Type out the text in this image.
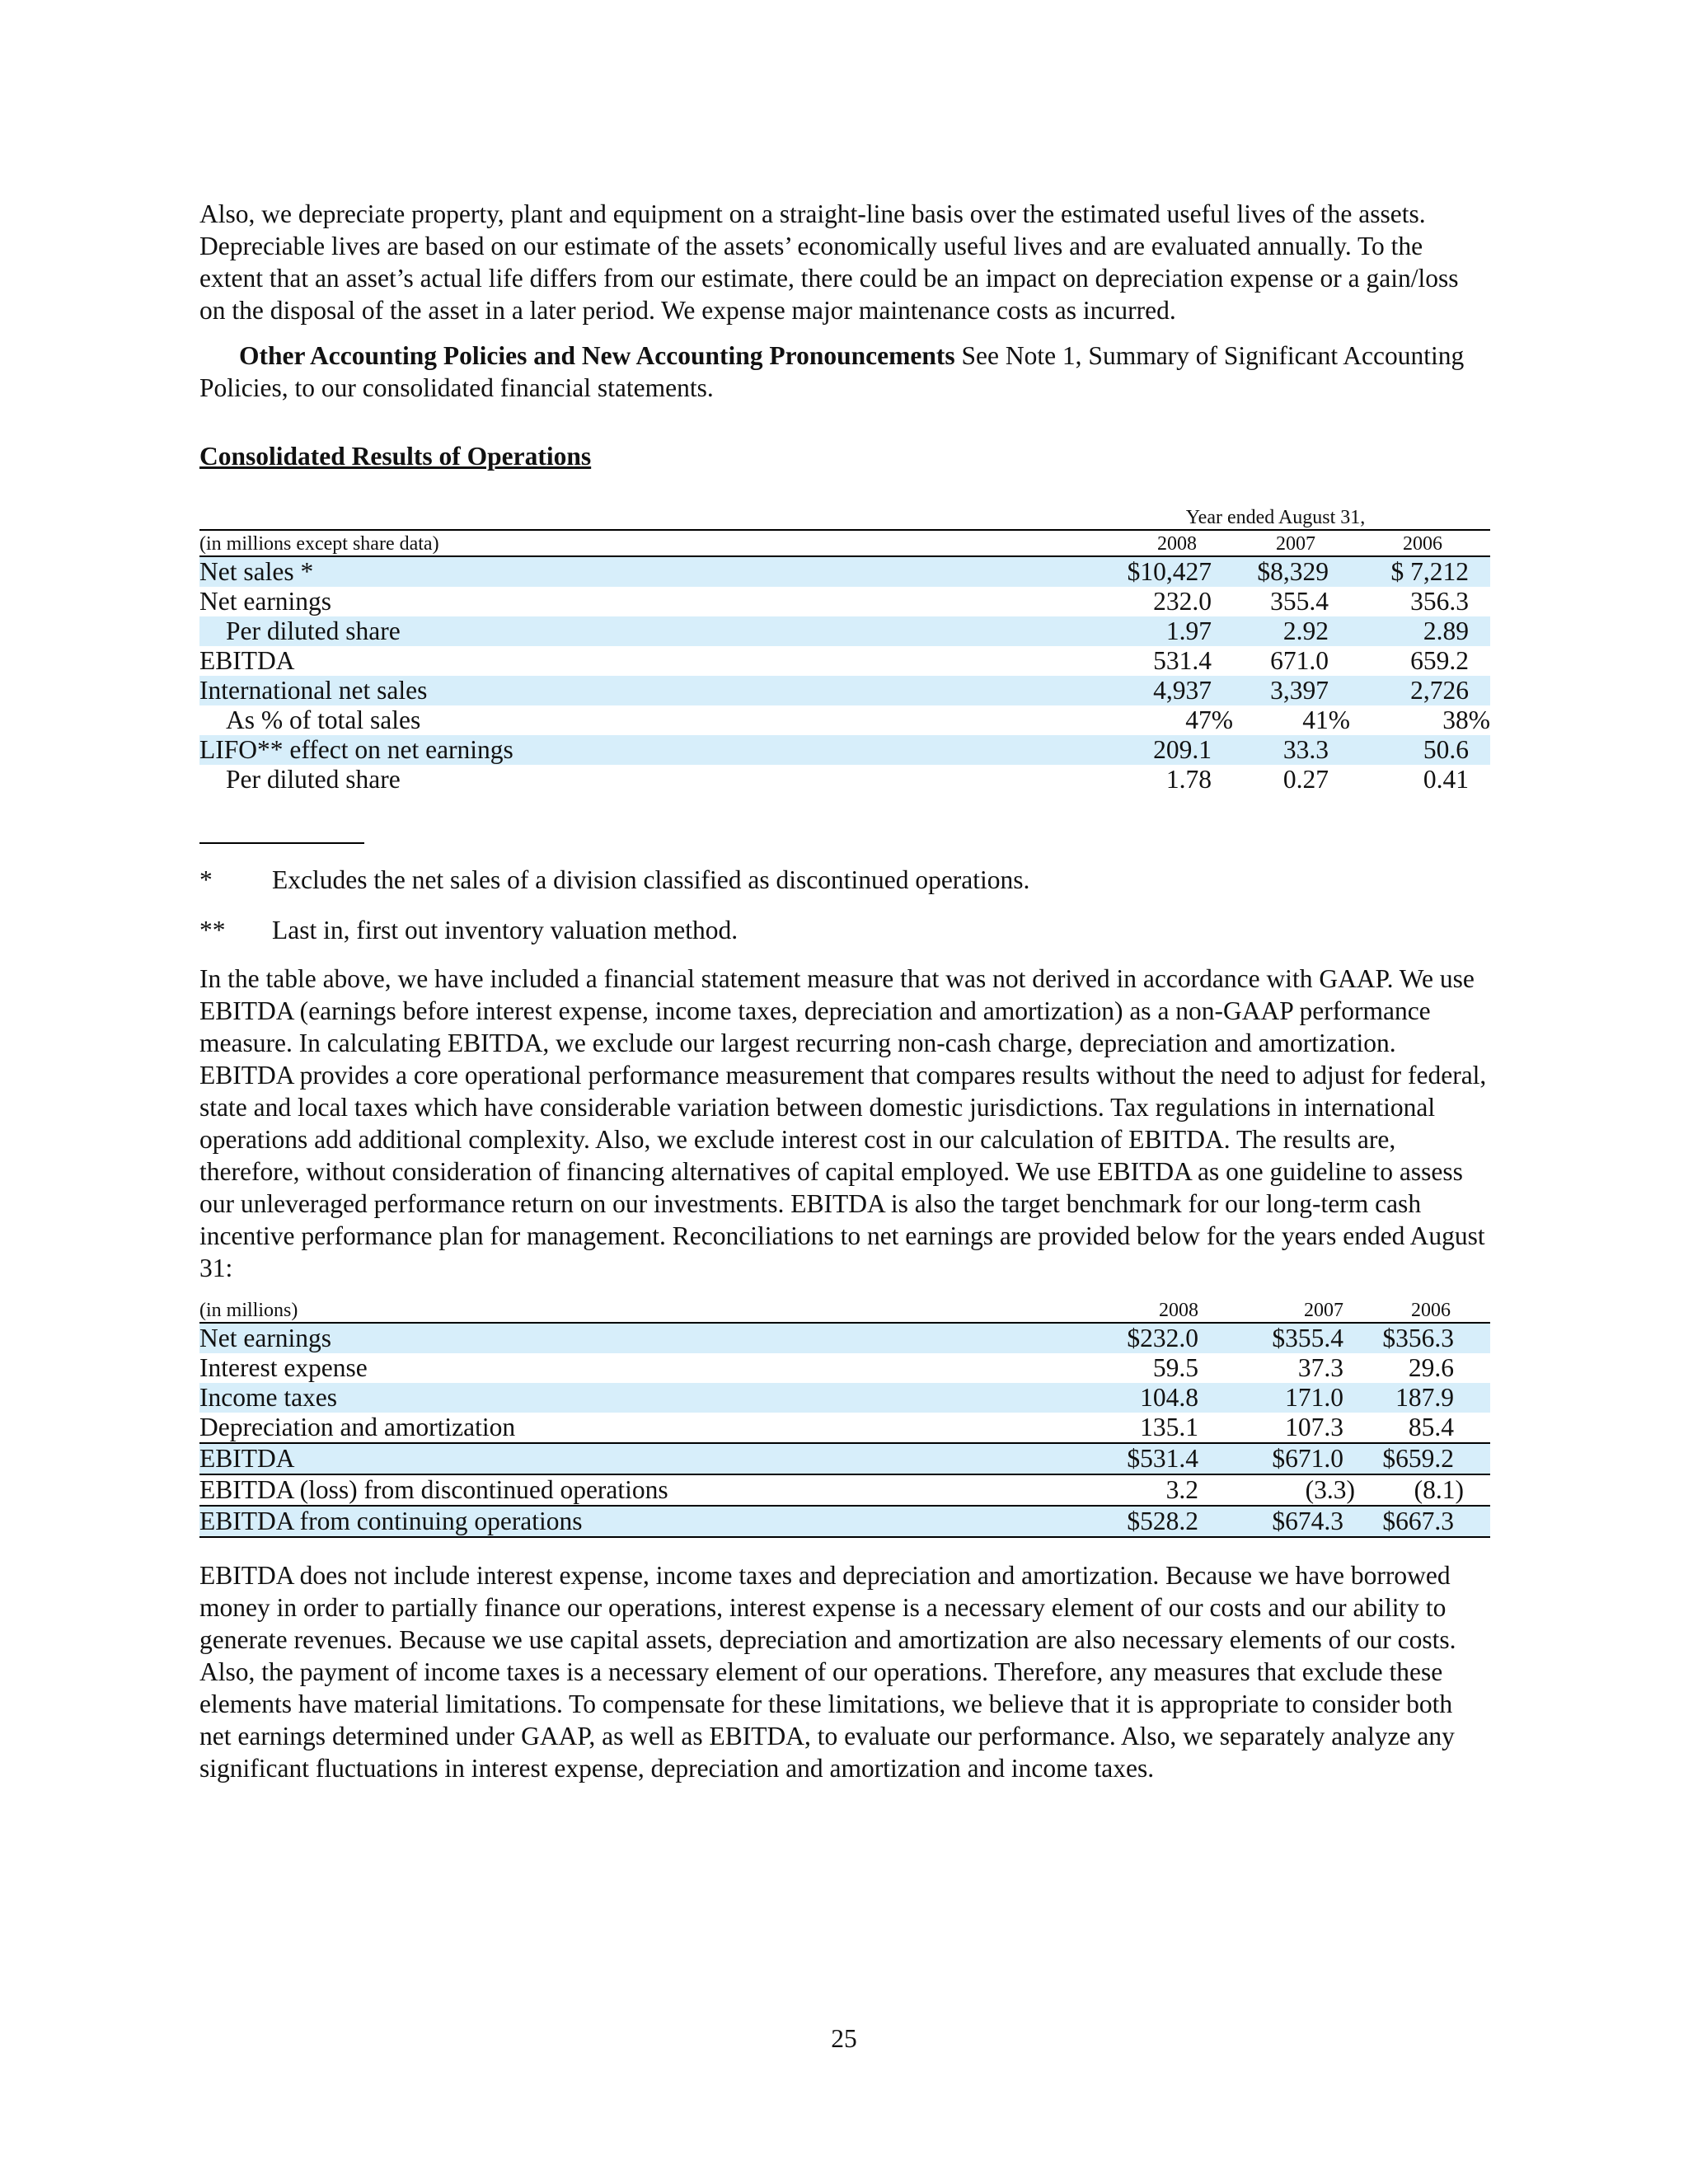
Also, we depreciate property, plant and equipment on a straight-line basis over the estimated useful lives of the assets. Depreciable lives are based on our estimate of the assets’ economically useful lives and are evaluated annually. To the extent that an asset’s actual life differs from our estimate, there could be an impact on depreciation expense or a gain/loss on the disposal of the asset in a later period. We expense major maintenance costs as incurred.

Other Accounting Policies and New Accounting Pronouncements See Note 1, Summary of Significant Accounting Policies, to our consolidated financial statements.

Consolidated Results of Operations

	Year ended August 31,		
(in millions except share data)	2008	2007	2006
Net sales *	$10,427	$8,329	$ 7,212
Net earnings	232.0	355.4	356.3
Per diluted share	1.97	2.92	2.89
EBITDA	531.4	671.0	659.2
International net sales	4,937	3,397	2,726
As % of total sales	47%	41%	38%
LIFO** effect on net earnings	209.1	33.3	50.6
Per diluted share	1.78	0.27	0.41
* Excludes the net sales of a division classified as discontinued operations.
** Last in, first out inventory valuation method.

In the table above, we have included a financial statement measure that was not derived in accordance with GAAP. We use EBITDA (earnings before interest expense, income taxes, depreciation and amortization) as a non-GAAP performance measure. In calculating EBITDA, we exclude our largest recurring non-cash charge, depreciation and amortization. EBITDA provides a core operational performance measurement that compares results without the need to adjust for federal, state and local taxes which have considerable variation between domestic jurisdictions. Tax regulations in international operations add additional complexity. Also, we exclude interest cost in our calculation of EBITDA. The results are, therefore, without consideration of financing alternatives of capital employed. We use EBITDA as one guideline to assess our unleveraged performance return on our investments. EBITDA is also the target benchmark for our long-term cash incentive performance plan for management. Reconciliations to net earnings are provided below for the years ended August 31:

(in millions)	2008	2007	2006
Net earnings	$232.0	$355.4	$356.3
Interest expense	59.5	37.3	29.6
Income taxes	104.8	171.0	187.9
Depreciation and amortization	135.1	107.3	85.4
EBITDA	$531.4	$671.0	$659.2
EBITDA (loss) from discontinued operations	3.2	(3.3)	(8.1)
EBITDA from continuing operations	$528.2	$674.3	$667.3

EBITDA does not include interest expense, income taxes and depreciation and amortization. Because we have borrowed money in order to partially finance our operations, interest expense is a necessary element of our costs and our ability to generate revenues. Because we use capital assets, depreciation and amortization are also necessary elements of our costs. Also, the payment of income taxes is a necessary element of our operations. Therefore, any measures that exclude these elements have material limitations. To compensate for these limitations, we believe that it is appropriate to consider both net earnings determined under GAAP, as well as EBITDA, to evaluate our performance. Also, we separately analyze any significant fluctuations in interest expense, depreciation and amortization and income taxes.

25
